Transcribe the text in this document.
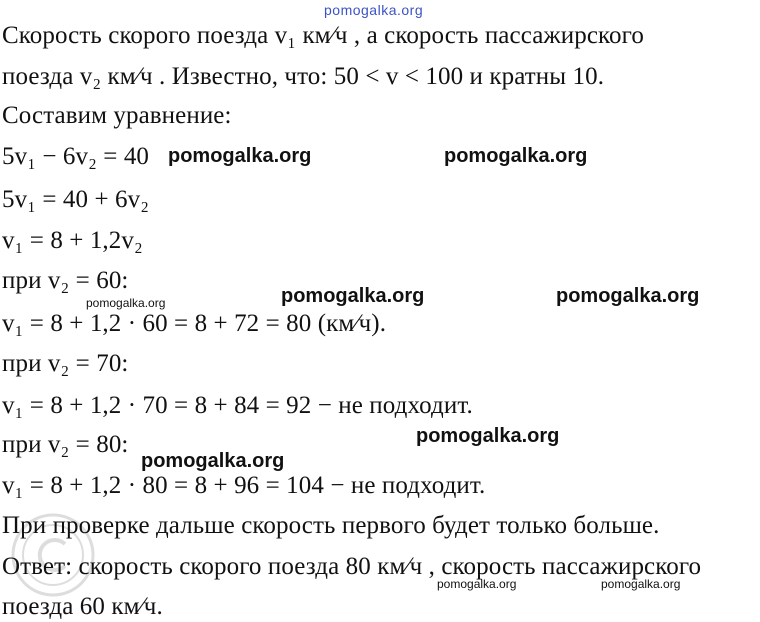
pomogalka.org
Скорость скорого поезда v₁ км⁄ч , а скорость пассажирского
поезда v₂ км⁄ч . Известно, что: 50 < v < 100 и кратны 10.
Составим уравнение:
5v₁ − 6v₂ = 40
5v₁ = 40 + 6v₂
v₁ = 8 + 1,2v₂
при v₂ = 60:
v₁ = 8 + 1,2 · 60 = 8 + 72 = 80 (км⁄ч).
при v₂ = 70:
v₁ = 8 + 1,2 · 70 = 8 + 84 = 92 − не подходит.
при v₂ = 80:
v₁ = 8 + 1,2 · 80 = 8 + 96 = 104 − не подходит.
При проверке дальше скорость первого будет только больше.
Ответ: скорость скорого поезда 80 км⁄ч , скорость пассажирского
поезда 60 км⁄ч.
pomogalka.org	pomogalka.org
pomogalka.org	pomogalka.org	pomogalka.org
pomogalka.org
pomogalka.org
pomogalka.org	pomogalka.org
